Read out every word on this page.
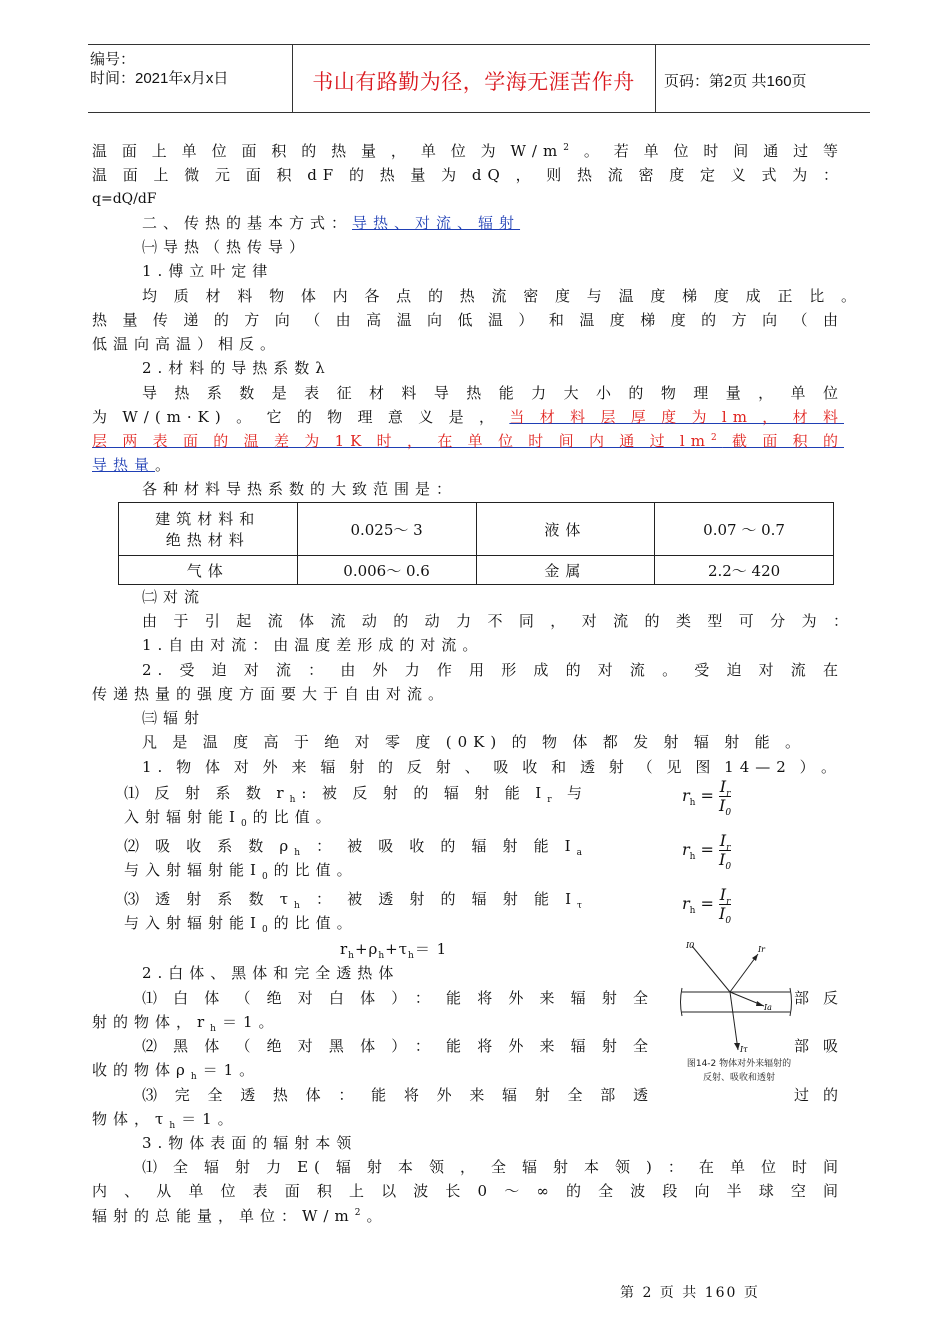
编号：
时间：2021年x月x日	书山有路勤为径，学海无涯苦作舟	页码：第2页 共160页
温面上单位面积的热量，单位为$W/m^2$。若单位时间通过等
温面上微元面积dF的热量为dQ，则热流密度定义式为：
q=dQ/dF
二、传热的基本方式：导热、对流、辐射
㈠导热（热传导）
1.傅立叶定律
均质材料物体内各点的热流密度与温度梯度成正比。
热量传递的方向（由高温向低温）和温度梯度的方向（由
低温向高温）相反。
2.材料的导热系数λ
导热系数是表征材料导热能力大小的物理量，单位
为W/(m·K)。它的物理意义是，当材料层厚度为lm，材料
层两表面的温差为1K时，在单位时间内通过$lm^2$截面积的
导热量。
各种材料导热系数的大致范围是：
建筑材料和
绝热材料	0.025～ 3	液体	0.07 ～ 0.7
气体	0.006～ 0.6	金属	2.2～ 420
㈡对流
由于引起流体流动的动力不同，对流的类型可分为：
1.自由对流：由温度差形成的对流。
2.受迫对流：由外力作用形成的对流。受迫对流在
传递热量的强度方面要大于自由对流。
㈢辐射
凡是温度高于绝对零度(0K)的物体都发射辐射能。
1.物体对外来辐射的反射、吸收和透射（见图14—2）。
⑴反射系数$r_h$:被反射的辐射能$I_r$与
入射辐射能$I_0$的比值。
⑵吸收系数$\rho_h$：被吸收的辐射能$I_a$
与入射辐射能$I_0$的比值。
⑶透射系数$\tau_h$：被透射的辐射能$I_\tau$
与入射辐射能$I_0$的比值。
$r_h = \frac{I_r}{I_0}$
$r_h = \frac{I_r}{I_0}$
$r_h = \frac{I_r}{I_0}$
$r_h+\rho_h+\tau_h= 1$
2.白体、黑体和完全透热体
I0	Ir
Ia
Iτ
图14-2 物体对外来辐射的
反射、吸收和透射
⑴白体（绝对白体）：能将外来辐射全	部反
射的物体，$r_h=1$。
⑵黑体（绝对黑体）：能将外来辐射全	部吸
收的物体$\rho_h=1$。
⑶完全透热体：能将外来辐射全部透	过的
物体，$\tau_h=1$。
3.物体表面的辐射本领
⑴全辐射力E(辐射本领，全辐射本领)：在单位时间
内、从单位表面积上以波长0～∞的全波段向半球空间
辐射的总能量，单位：$W/m^2$。
第 2 页 共 160 页
